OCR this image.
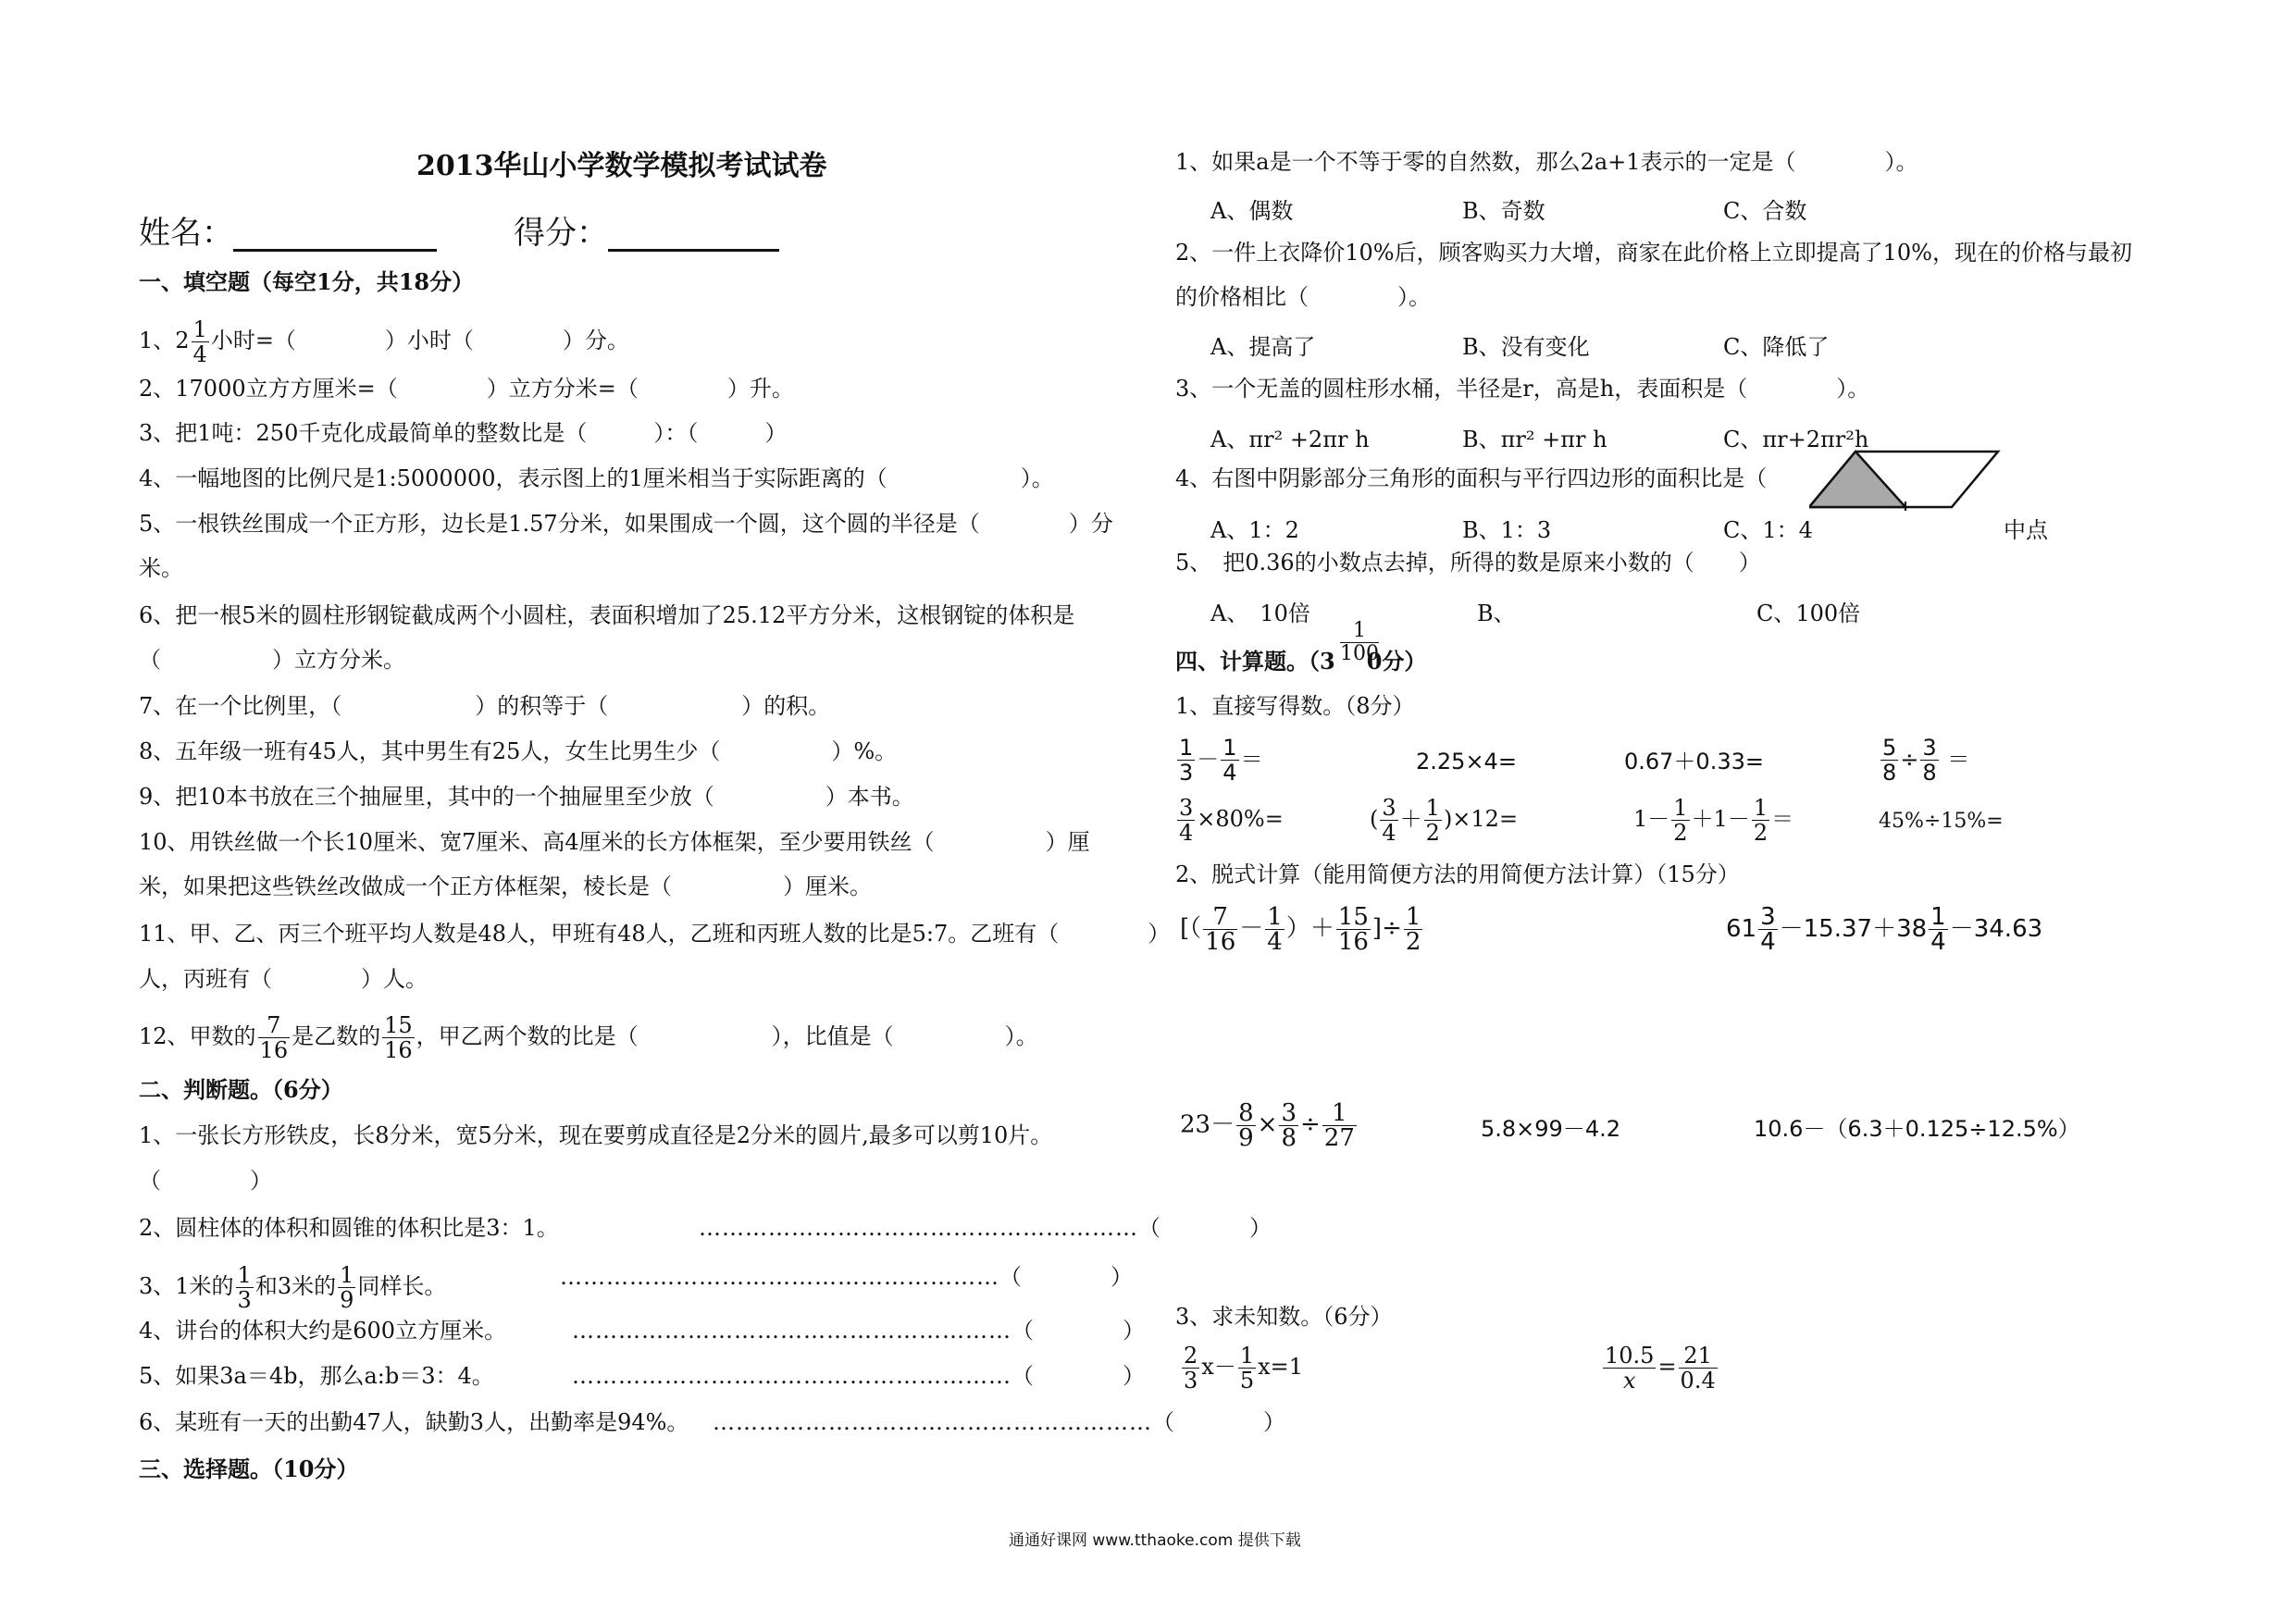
2013华山小学数学模拟考试试卷
姓名：	得分：
一、填空题（每空1分，共18分）
1、$2 \frac{1}{4}$ 小时=（　　　　）小时（　　　　）分。
2、17000立方方厘米=（　　　　）立方分米=（　　　　）升。
3、把1吨：250千克化成最简单的整数比是（　　　）：（　　　）
4、一幅地图的比例尺是1:5000000，表示图上的1厘米相当于实际距离的（　　　　　　）。
5、一根铁丝围成一个正方形，边长是1.57分米，如果围成一个圆，这个圆的半径是（　　　　）分
米。
6、把一根5米的圆柱形钢锭截成两个小圆柱，表面积增加了25.12平方分米，这根钢锭的体积是
（　　　　　）立方分米。
7、在一个比例里，（　　　　　　）的积等于（　　　　　　）的积。
8、五年级一班有45人，其中男生有25人，女生比男生少（　　　　　）%。
9、把10本书放在三个抽屉里，其中的一个抽屉里至少放（　　　　　）本书。
10、用铁丝做一个长10厘米、宽7厘米、高4厘米的长方体框架，至少要用铁丝（　　　　　）厘
米，如果把这些铁丝改做成一个正方体框架，棱长是（　　　　　）厘米。
11、甲、乙、丙三个班平均人数是48人，甲班有48人，乙班和丙班人数的比是5:7。乙班有（　　　　）
人，丙班有（　　　　）人。
12、甲数的 $\frac{7}{16}$ 是乙数的 $\frac{15}{16}$ ，甲乙两个数的比是（　　　　　　），比值是（　　　　　）。
二、判断题。（6分）
1、一张长方形铁皮，长8分米，宽5分米，现在要剪成直径是2分米的圆片,最多可以剪10片。
（　　　　）
2、圆柱体的体积和圆锥的体积比是3：1。	…………………………………………………（　　　　）
3、1米的 $\frac{1}{3}$ 和3米的 $\frac{1}{9}$ 同样长。	…………………………………………………（　　　　）
4、讲台的体积大约是600立方厘米。	…………………………………………………（　　　　）
5、如果3a＝4b，那么a:b＝3：4。	…………………………………………………（　　　　）
6、某班有一天的出勤47人，缺勤3人，出勤率是94%。 …………………………………………………（　　　　）
三、选择题。（10分）
1、如果a是一个不等于零的自然数，那么2a+1表示的一定是（　　　　）。
A、偶数	B、奇数	C、合数
2、一件上衣降价10%后，顾客购买力大增，商家在此价格上立即提高了10%，现在的价格与最初
的价格相比（　　　　）。
A、提高了	B、没有变化	C、降低了
3、一个无盖的圆柱形水桶，半径是r，高是h，表面积是（　　　　）。
A、πr² +2πr h	B、πr² +πr h	C、πr+2πr²h
4、右图中阴影部分三角形的面积与平行四边形的面积比是（
A、1：2	B、1：3	C、1：4	中点
5、　把0.36的小数点去掉，所得的数是原来小数的（　　）
A、　10倍	B、	C、100倍
1
100
四、计算题。（3 0分）
1、直接写得数。（8分）
$\frac{1}{3} - \frac{1}{4}$ ＝	2.25×4=	0.67＋0.33=	$\frac{5}{8} \div \frac{3}{8}$ ＝
$\frac{3}{4} \times 80\%=$	( $\frac{3}{4} + \frac{1}{2} )\times 12=$	$1- \frac{1}{2} +1- \frac{1}{2}$ ＝	45%÷15%=
2、脱式计算（能用简便方法的用简便方法计算）（15分）
[（ $\frac{7}{16} - \frac{1}{4}$ ）＋ $\frac{15}{16}$ ]÷ $\frac{1}{2}$	$61 \frac{3}{4} -15.37+38 \frac{1}{4} -34.63$
$23- \frac{8}{9} \times \frac{3}{8} \div \frac{1}{27}$	5.8×99－4.2	10.6－（6.3＋0.125÷12.5%）
3、求未知数。（6分）
$\frac{2}{3} x- \frac{1}{5} x=1$	$\frac{10.5}{x} = \frac{21}{0.4}$
通通好课网 www.tthaoke.com 提供下载
